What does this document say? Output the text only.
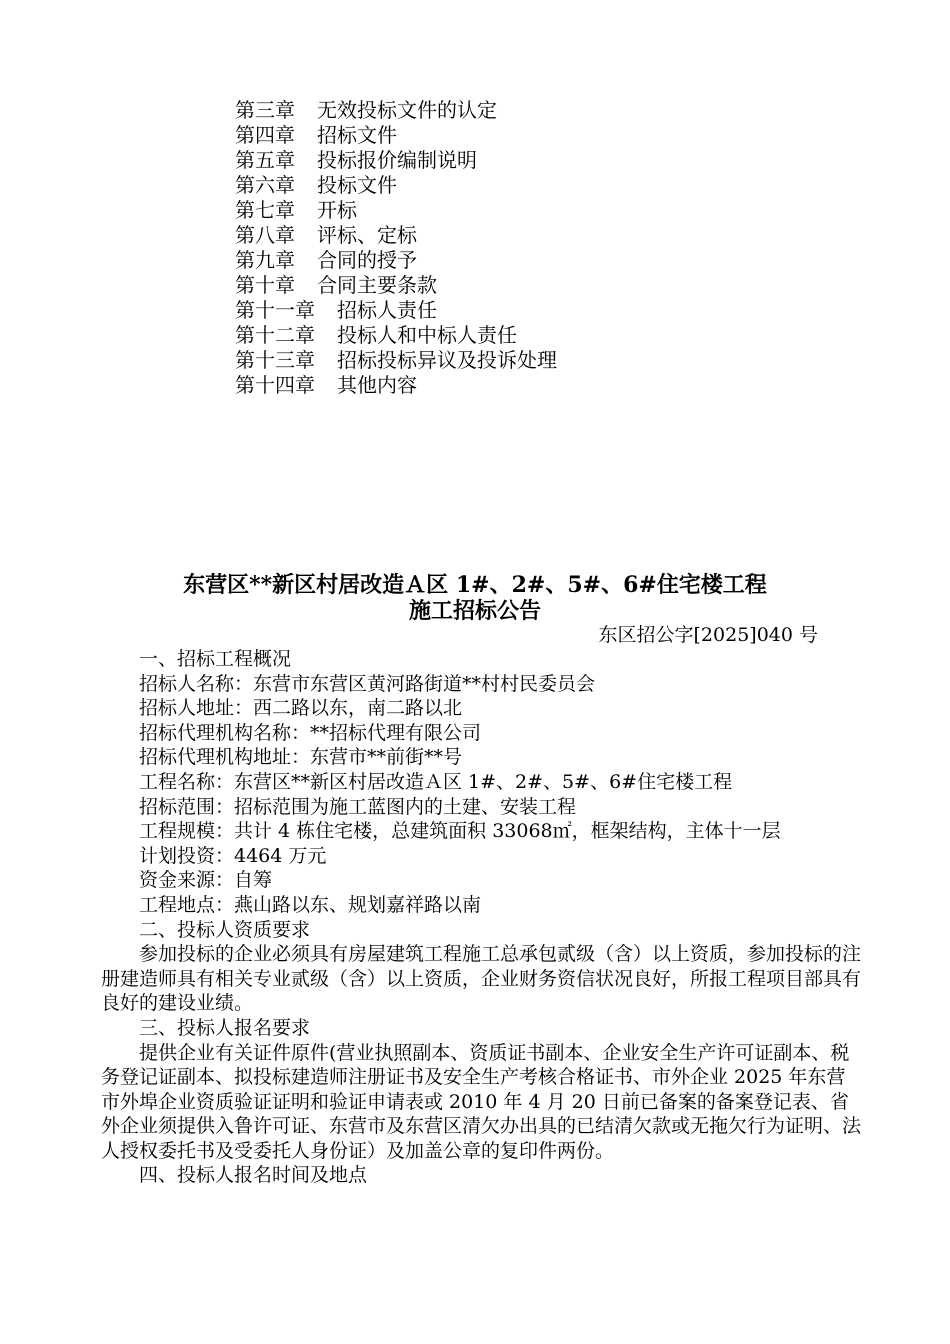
第三章 无效投标文件的认定
第四章 招标文件
第五章 投标报价编制说明
第六章 投标文件
第七章 开标
第八章 评标、定标
第九章 合同的授予
第十章 合同主要条款
第十一章 招标人责任
第十二章 投标人和中标人责任
第十三章 招标投标异议及投诉处理
第十四章 其他内容
东营区**新区村居改造Ａ区 1#、2#、5#、6#住宅楼工程
施工招标公告
东区招公字[2025]040 号

一、招标工程概况

招标人名称：东营市东营区黄河路街道**村村民委员会

招标人地址：西二路以东，南二路以北

招标代理机构名称：**招标代理有限公司

招标代理机构地址：东营市**前街**号

工程名称：东营区**新区村居改造Ａ区 1#、2#、5#、6#住宅楼工程

招标范围：招标范围为施工蓝图内的土建、安装工程

工程规模：共计 4 栋住宅楼，总建筑面积 33068㎡，框架结构，主体十一层

计划投资：4464 万元

资金来源：自筹

工程地点：燕山路以东、规划嘉祥路以南

二、投标人资质要求

参加投标的企业必须具有房屋建筑工程施工总承包贰级（含）以上资质，参加投标的注册建造师具有相关专业贰级（含）以上资质，企业财务资信状况良好，所报工程项目部具有良好的建设业绩。

三、投标人报名要求

提供企业有关证件原件(营业执照副本、资质证书副本、企业安全生产许可证副本、税务登记证副本、拟投标建造师注册证书及安全生产考核合格证书、市外企业 2025 年东营市外埠企业资质验证证明和验证申请表或 2010 年 4 月 20 日前已备案的备案登记表、省外企业须提供入鲁许可证、东营市及东营区清欠办出具的已结清欠款或无拖欠行为证明、法人授权委托书及受委托人身份证）及加盖公章的复印件两份。

四、投标人报名时间及地点
